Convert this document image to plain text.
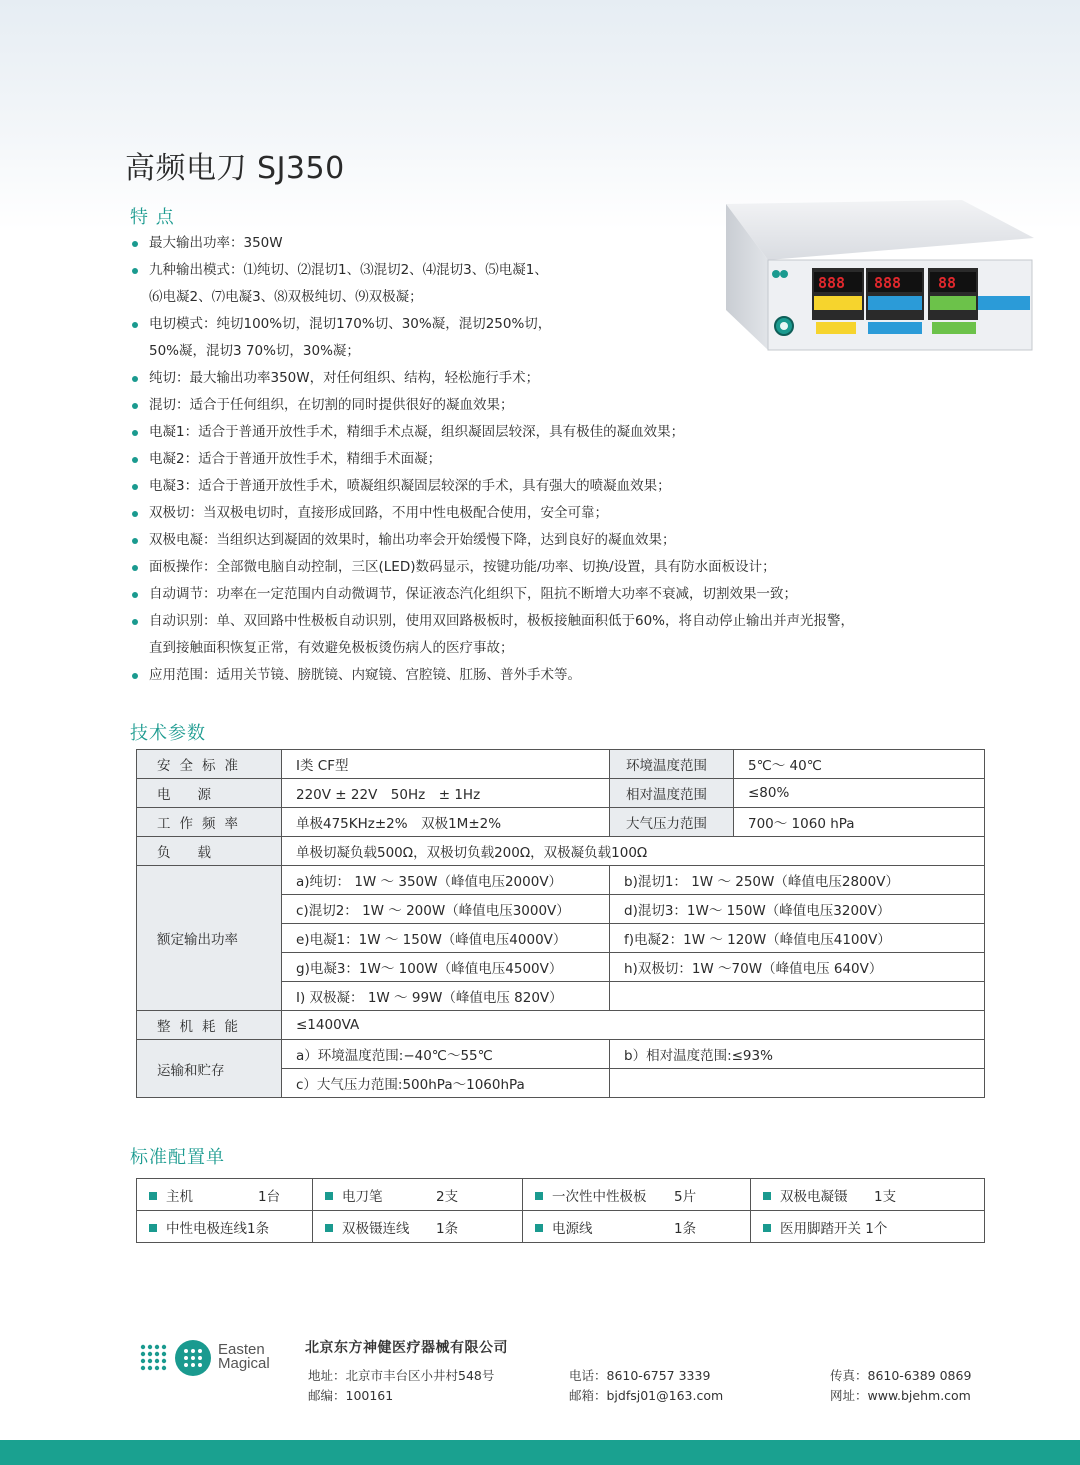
高频电刀 SJ350
特 点
最大输出功率：350W
九种输出模式：⑴纯切、⑵混切1、⑶混切2、⑷混切3、⑸电凝1、
⑹电凝2、⑺电凝3、⑻双极纯切、⑼双极凝；
电切模式：纯切100%切，混切170%切、30%凝，混切250%切，
50%凝，混切3 70%切，30%凝；
纯切：最大输出功率350W，对任何组织、结构，轻松施行手术；
混切：适合于任何组织，在切割的同时提供很好的凝血效果；
电凝1：适合于普通开放性手术，精细手术点凝，组织凝固层较深，具有极佳的凝血效果；
电凝2：适合于普通开放性手术，精细手术面凝；
电凝3：适合于普通开放性手术，喷凝组织凝固层较深的手术，具有强大的喷凝血效果；
双极切：当双极电切时，直接形成回路，不用中性电极配合使用，安全可靠；
双极电凝：当组织达到凝固的效果时，输出功率会开始缓慢下降，达到良好的凝血效果；
面板操作：全部微电脑自动控制，三区(LED)数码显示，按键功能/功率、切换/设置，具有防水面板设计；
自动调节：功率在一定范围内自动微调节，保证液态汽化组织下，阻抗不断增大功率不衰减，切割效果一致；
自动识别：单、双回路中性极板自动识别，使用双回路极板时，极板接触面积低于60%，将自动停止输出并声光报警，
直到接触面积恢复正常，有效避免极板烫伤病人的医疗事故；
应用范围：适用关节镜、膀胱镜、内窥镜、宫腔镜、肛肠、普外手术等。
888 888 88
技术参数
安全标准	Ⅰ类 CF型	环境温度范围	5℃～ 40℃
电　　源	220V ± 22V　50Hz　± 1Hz	相对温度范围	≤80%
工作频率	单极475KHz±2%　双极1M±2%	大气压力范围	700～ 1060 hPa
负　　载	单极切凝负载500Ω，双极切负载200Ω，双极凝负载100Ω		
额定输出功率	a)纯切： 1W ～ 350W（峰值电压2000V）	b)混切1： 1W ～ 250W（峰值电压2800V）	
	c)混切2： 1W ～ 200W（峰值电压3000V）	d)混切3：1W～ 150W（峰值电压3200V）	
	e)电凝1：1W ～ 150W（峰值电压4000V）	f)电凝2：1W ～ 120W（峰值电压4100V）	
	g)电凝3：1W～ 100W（峰值电压4500V）	h)双极切：1W ～70W（峰值电压 640V）	
	I) 双极凝： 1W ～ 99W（峰值电压 820V）		
整机耗能	≤1400VA		
运输和贮存	a）环境温度范围:−40℃～55℃	b）相对温度范围:≤93%	
	c）大气压力范围:500hPa～1060hPa		
标准配置单
主机 1台	电刀笔 2支	一次性中性极板 5片	双极电凝镊 1支
中性电极连线1条	双极镊连线 1条	电源线 1条	医用脚踏开关 1个
Easten
Magical
北京东方神健医疗器械有限公司
地址：北京市丰台区小井村548号
邮编：100161
电话：8610-6757 3339
邮箱：bjdfsj01@163.com
传真：8610-6389 0869
网址：www.bjehm.com
